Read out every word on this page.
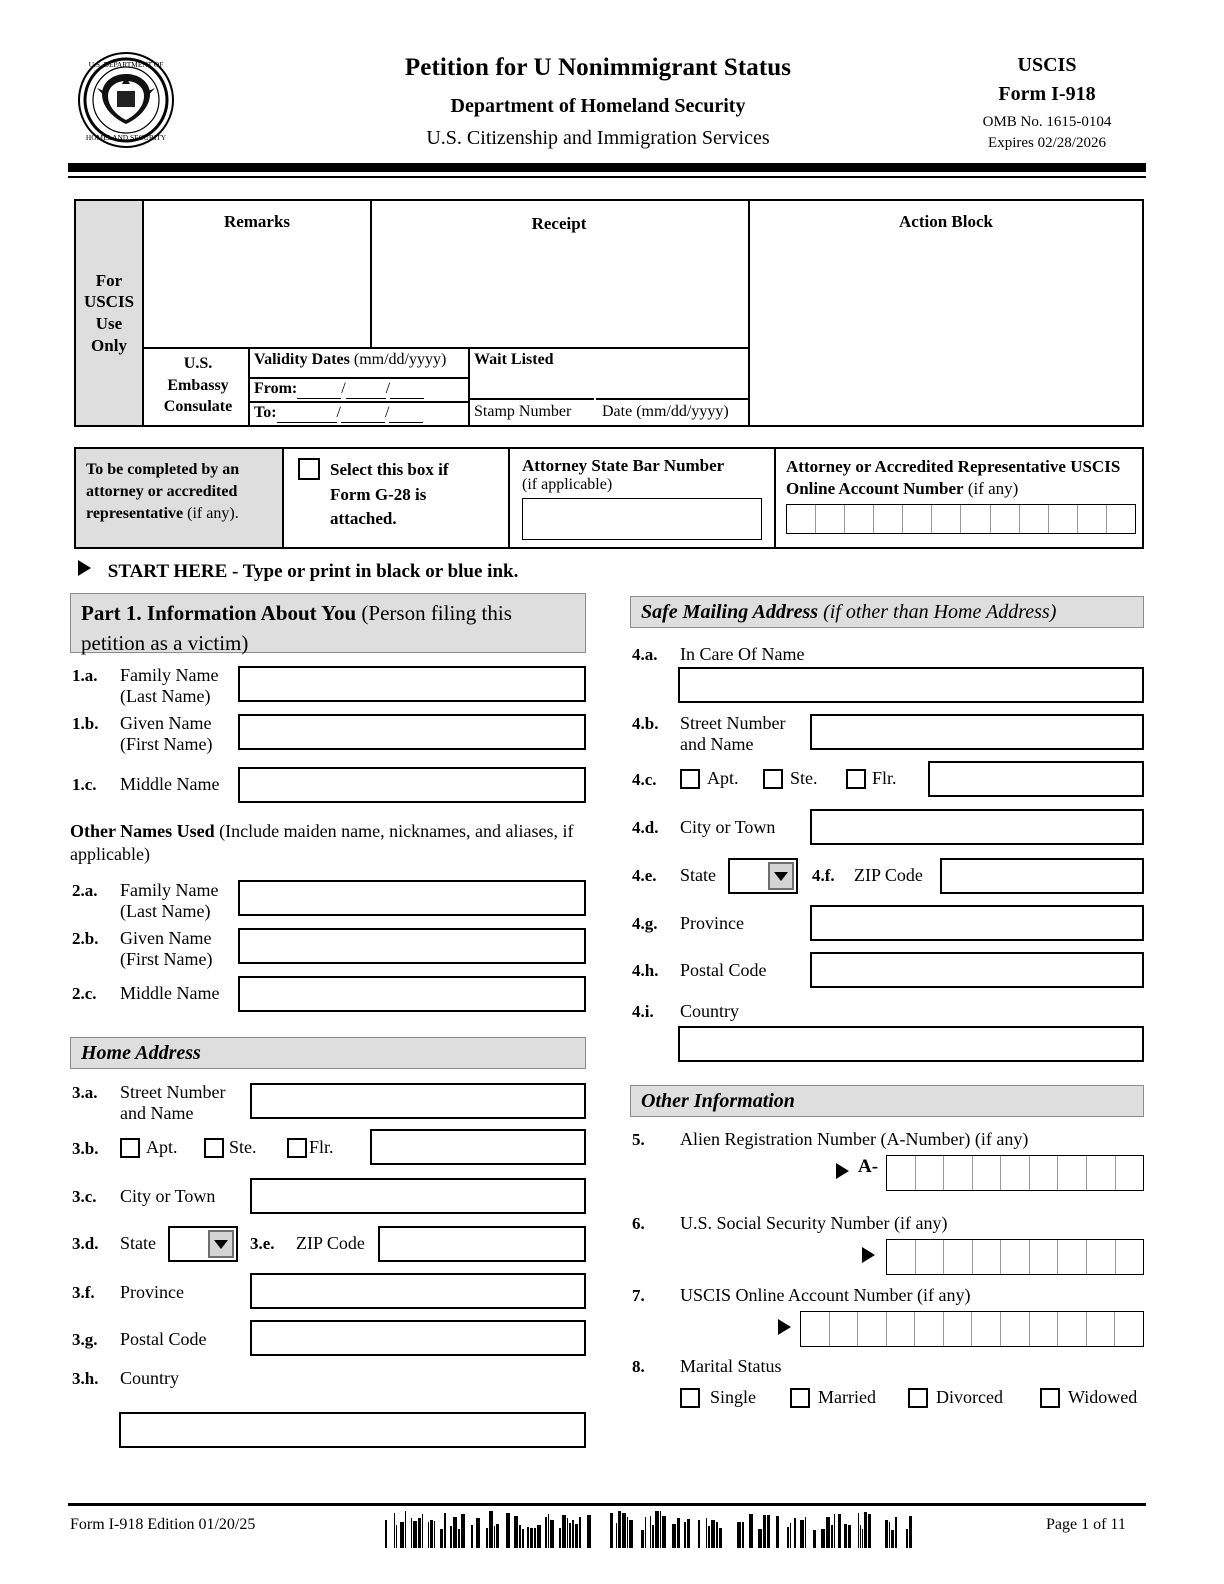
U.S. DEPARTMENT OF
HOMELAND SECURITY
Petition for U Nonimmigrant Status
Department of Homeland Security
U.S. Citizenship and Immigration Services
USCIS
Form I-918
OMB No. 1615-0104
Expires 02/28/2026
For
USCIS
Use
Only
Remarks	Receipt	Action Block
U.S.
Embassy
Consulate
Validity Dates (mm/dd/yyyy)
From:	/	/
To:	/	/
Wait Listed
Stamp Number Date (mm/dd/yyyy)
To be completed by an attorney or accredited representative (if any).
Select this box if Form G-28 is attached.
Attorney State Bar Number
(if applicable)
Attorney or Accredited Representative USCIS Online Account Number (if any)
START HERE - Type or print in black or blue ink.
Part 1. Information About You (Person filing this petition as a victim)
1.a. Family Name
(Last Name)
1.b. Given Name
(First Name)
1.c. Middle Name
Other Names Used (Include maiden name, nicknames, and aliases, if applicable)
2.a. Family Name
(Last Name)
2.b. Given Name
(First Name)
2.c. Middle Name
Home Address
3.a. Street Number
and Name
3.b.	Apt.	Ste.	Flr.
3.c. City or Town
3.d. State	3.e. ZIP Code
3.f. Province
3.g. Postal Code
3.h. Country
Safe Mailing Address (if other than Home Address)
4.a. In Care Of Name
4.b. Street Number
and Name
4.c.	Apt.	Ste.	Flr.
4.d. City or Town
4.e. State	4.f. ZIP Code
4.g. Province
4.h. Postal Code
4.i. Country
Other Information
5. Alien Registration Number (A-Number) (if any)
A-
6. U.S. Social Security Number (if any)
7. USCIS Online Account Number (if any)
8. Marital Status
Single	Married	Divorced	Widowed
Form I-918 Edition 01/20/25	Page 1 of 11
